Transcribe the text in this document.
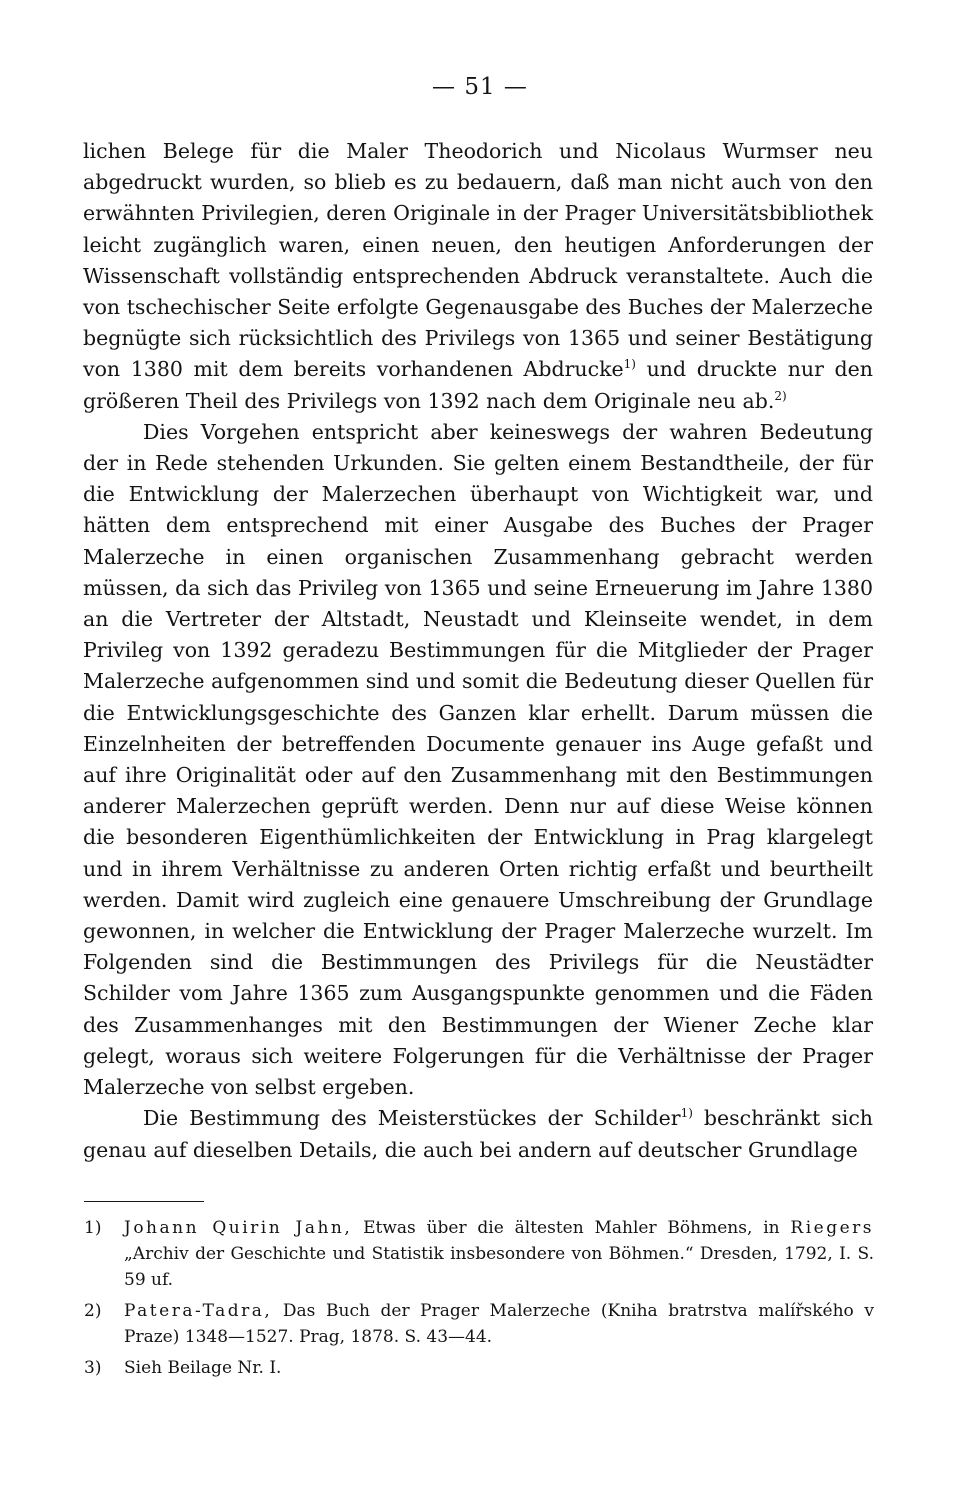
— 51 —

lichen Belege für die Maler Theodorich und Nicolaus Wurmser neu abgedruckt wurden, so blieb es zu bedauern, daß man nicht auch von den erwähnten Privilegien, deren Originale in der Prager Universitätsbibliothek leicht zugänglich waren, einen neuen, den heutigen Anforderungen der Wissenschaft vollständig entsprechenden Abdruck veranstaltete. Auch die von tschechischer Seite erfolgte Gegenausgabe des Buches der Malerzeche begnügte sich rücksichtlich des Privilegs von 1365 und seiner Bestätigung von 1380 mit dem bereits vorhandenen Abdrucke$^{1)}$ und druckte nur den größeren Theil des Privilegs von 1392 nach dem Originale neu ab.$^{2)}$

Dies Vorgehen entspricht aber keineswegs der wahren Bedeutung der in Rede stehenden Urkunden. Sie gelten einem Bestandtheile, der für die Entwicklung der Malerzechen überhaupt von Wichtigkeit war, und hätten dem entsprechend mit einer Ausgabe des Buches der Prager Malerzeche in einen organischen Zusammenhang gebracht werden müssen, da sich das Privileg von 1365 und seine Erneuerung im Jahre 1380 an die Vertreter der Altstadt, Neustadt und Kleinseite wendet, in dem Privileg von 1392 geradezu Bestimmungen für die Mitglieder der Prager Malerzeche aufgenommen sind und somit die Bedeutung dieser Quellen für die Entwicklungsgeschichte des Ganzen klar erhellt. Darum müssen die Einzelnheiten der betreffenden Documente genauer ins Auge gefaßt und auf ihre Originalität oder auf den Zusammenhang mit den Bestimmungen anderer Malerzechen geprüft werden. Denn nur auf diese Weise können die besonderen Eigenthümlichkeiten der Entwicklung in Prag klargelegt und in ihrem Verhältnisse zu anderen Orten richtig erfaßt und beurtheilt werden. Damit wird zugleich eine genauere Umschreibung der Grundlage gewonnen, in welcher die Entwicklung der Prager Malerzeche wurzelt. Im Folgenden sind die Bestimmungen des Privilegs für die Neustädter Schilder vom Jahre 1365 zum Ausgangspunkte genommen und die Fäden des Zusammenhanges mit den Bestimmungen der Wiener Zeche klar gelegt, woraus sich weitere Folgerungen für die Verhältnisse der Prager Malerzeche von selbst ergeben.

Die Bestimmung des Meisterstückes der Schilder$^{1)}$ beschränkt sich genau auf dieselben Details, die auch bei andern auf deutscher Grundlage

1)	Johann Quirin Jahn, Etwas über die ältesten Mahler Böhmens, in Riegers „Archiv der Geschichte und Statistik insbesondere von Böhmen.“ Dresden, 1792, I. S. 59 uf.

2)	Patera-Tadra, Das Buch der Prager Malerzeche (Kniha bratrstva malířského v Praze) 1348—1527. Prag, 1878. S. 43—44.

3)	Sieh Beilage Nr. I.
